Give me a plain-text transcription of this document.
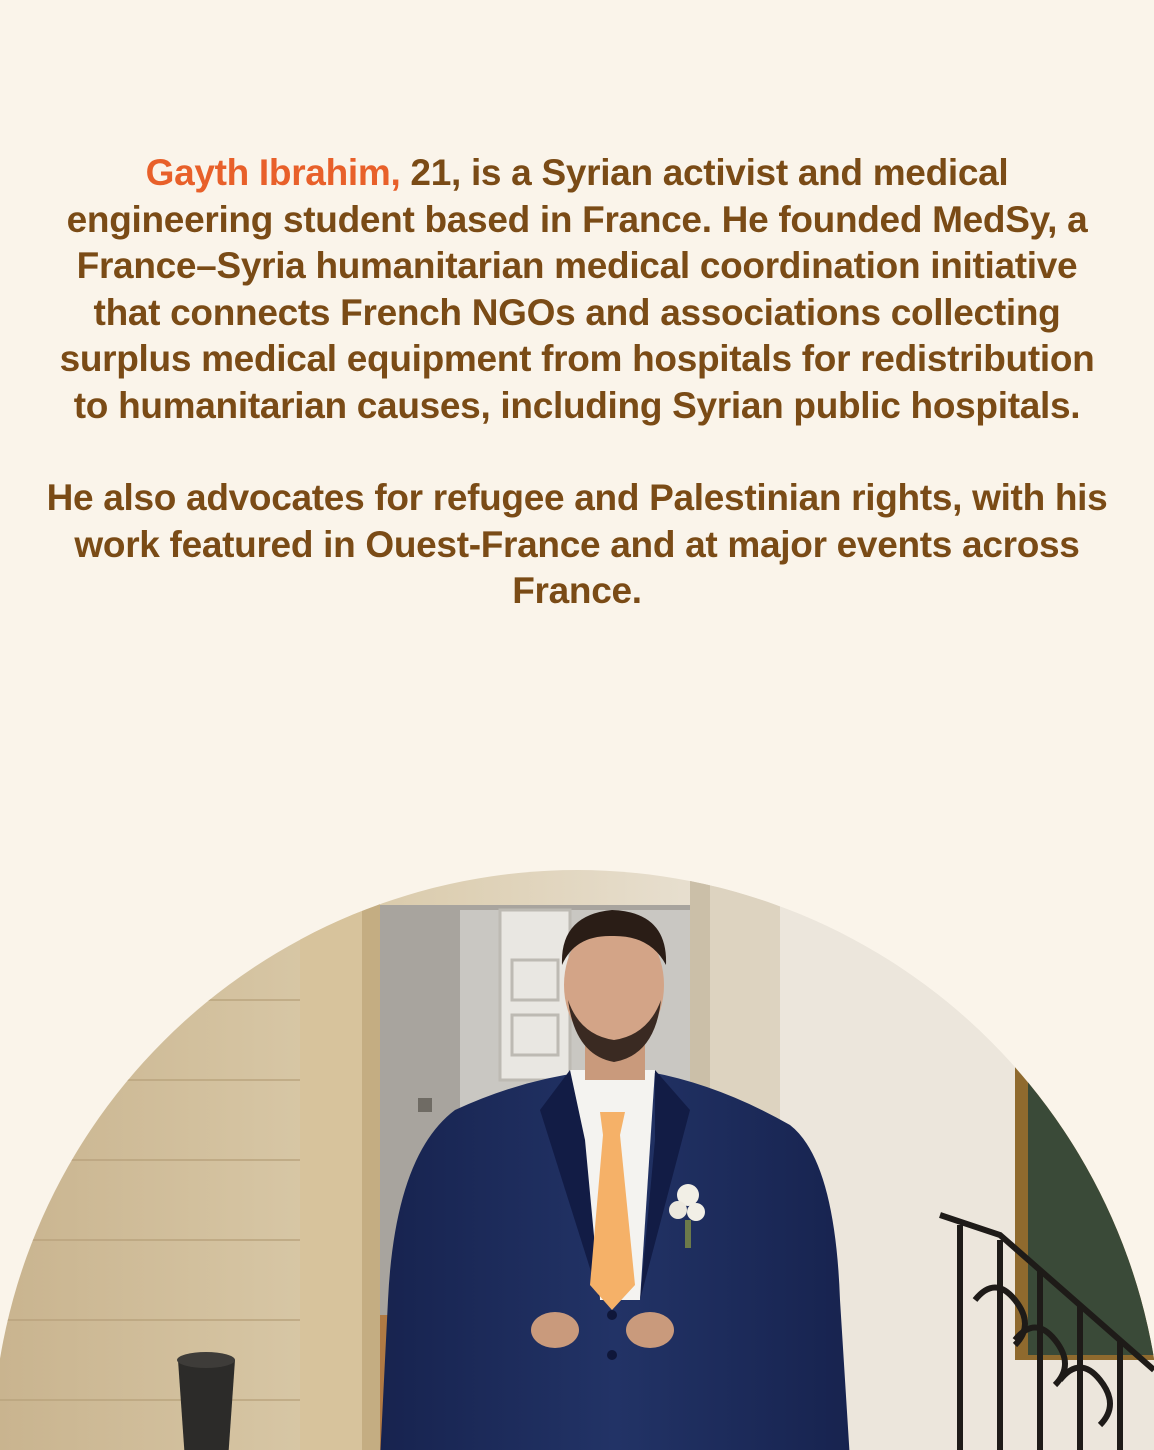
Gayth Ibrahim, 21, is a Syrian activist and medical engineering student based in France. He founded MedSy, a France–Syria humanitarian medical coordination initiative that connects French NGOs and associations collecting surplus medical equipment from hospitals for redistribution to humanitarian causes, including Syrian public hospitals.

He also advocates for refugee and Palestinian rights, with his work featured in Ouest-France and at major events across France.
